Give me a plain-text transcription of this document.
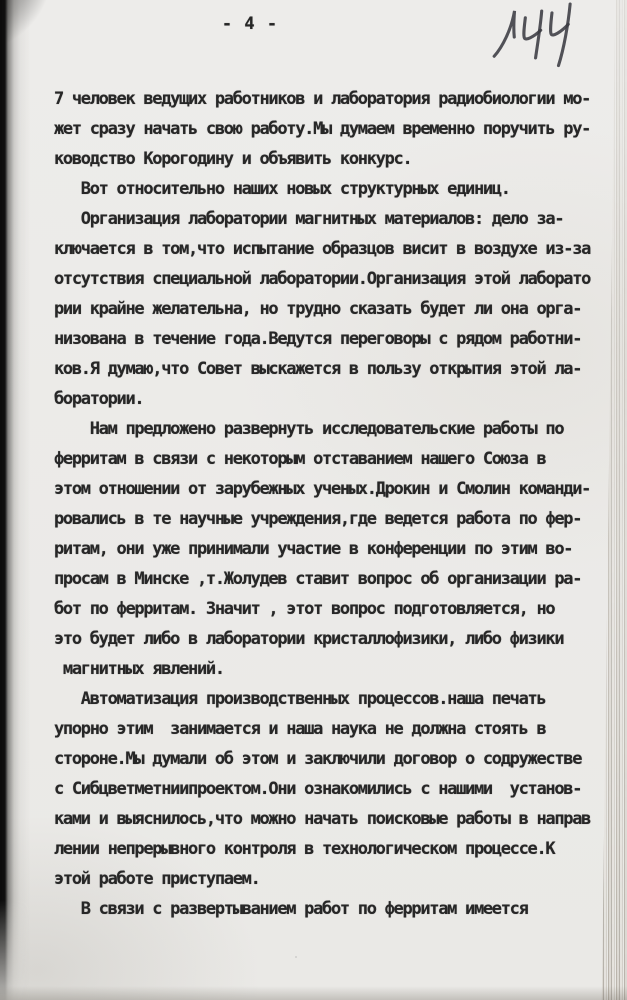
- 4 -
7 человек ведущих работников и лаборатория радиобиологии мо-
жет сразу начать свою работу.Мы думаем временно поручить ру-
ководство Корогодину и объявить конкурс.
Вот относительно наших новых структурных единиц.
Организация лаборатории магнитных материалов: дело за-
ключается в том,что испытание образцов висит в воздухе из-за
отсутствия специальной лаборатории.Организация этой лаборато
рии крайне желательна, но трудно сказать будет ли она орга-
низована в течение года.Ведутся переговоры с рядом работни-
ков.Я думаю,что Совет выскажется в пользу открытия этой ла-
боратории.
Нам предложено развернуть исследовательские работы по
ферритам в связи с некоторым отставанием нашего Союза в
этом отношении от зарубежных ученых.Дрокин и Смолин команди-
ровались в те научные учреждения,где ведется работа по фер-
ритам, они уже принимали участие в конференции по этим во-
просам в Минске ,т.Жолудев ставит вопрос об организации ра-
бот по ферритам. Значит , этот вопрос подготовляется, но
это будет либо в лаборатории кристаллофизики, либо физики
магнитных явлений.
Автоматизация производственных процессов.наша печать
упорно этим  занимается и наша наука не должна стоять в
стороне.Мы думали об этом и заключили договор о содружестве
с Сибцветметниипроектом.Они ознакомились с нашими  установ-
ками и выяснилось,что можно начать поисковые работы в направ
лении непрерывного контроля в технологическом процессе.К
этой работе приступаем.
В связи с развертыванием работ по ферритам имеется
